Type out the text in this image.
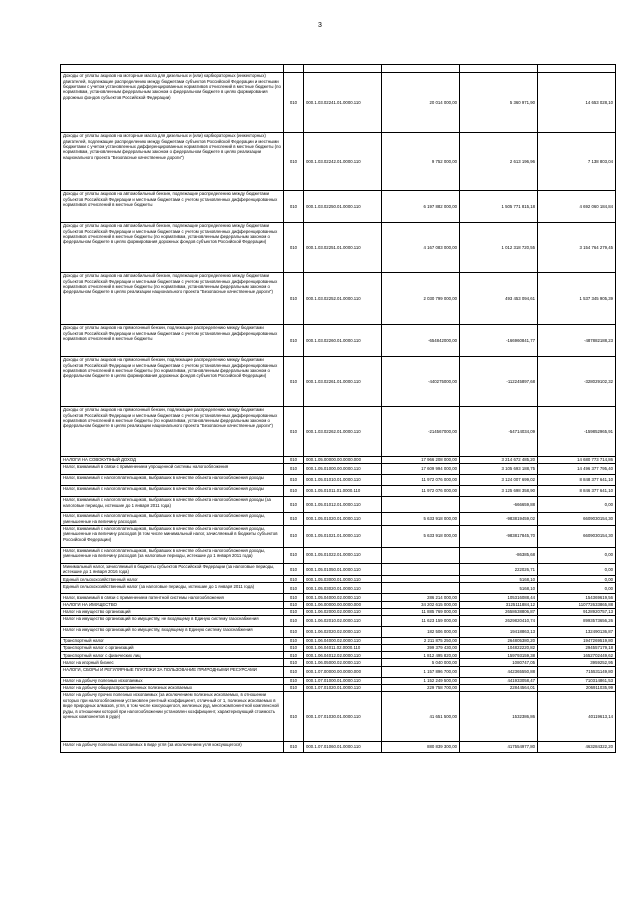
3

Доходы от уплаты акцизов на моторные масла для дизельных и (или) карбюраторных (инжекторных) двигателей, подлежащие распределению между бюджетами субъектов Российской Федерации и местными бюджетами с учетом установленных дифференцированных нормативов отчислений в местные бюджеты (по нормативам, установленным федеральным законом о федеральном бюджете в целях формирования дорожных фондов субъектов Российской Федерации)	010	000.1.03.02241.01.0000.110	20 014 000,00	5 360 971,90	14 653 028,10
Доходы от уплаты акцизов на моторные масла для дизельных и (или) карбюраторных (инжекторных) двигателей, подлежащие распределению между бюджетами субъектов Российской Федерации и местными бюджетами с учетом установленных дифференцированных нормативов отчислений в местные бюджеты (по нормативам, установленным федеральным законом о федеральном бюджете в целях реализации национального проекта "Безопасные качественные дороги")	010	000.1.03.02242.01.0000.110	9 752 000,00	2 613 196,96	7 138 803,04
Доходы от уплаты акцизов на автомобильный бензин, подлежащие распределению между бюджетами субъектов Российской Федерации и местными бюджетами с учетом установленных дифференцированных нормативов отчислений в местные бюджеты	010	000.1.03.02250.01.0000.110	6 197 882 000,00	1 505 771 815,18	4 692 060 184,84
Доходы от уплаты акцизов на автомобильный бензин, подлежащие распределению между бюджетами субъектов Российской Федерации и местными бюджетами с учетом установленных дифференцированных нормативов отчислений в местные бюджеты (по нормативам, установленным федеральным законом о федеральном бюджете в целях формирования дорожных фондов субъектов Российской Федерации)	010	000.1.03.02251.01.0000.110	4 167 083 000,00	1 012 318 720,55	3 154 764 279,45
Доходы от уплаты акцизов на автомобильный бензин, подлежащие распределению между бюджетами субъектов Российской Федерации и местными бюджетами с учетом установленных дифференцированных нормативов отчислений в местные бюджеты (по нормативам, установленным федеральным законом о федеральном бюджете в целях реализации национального проекта "Безопасные качественные дороги")	010	000.1.03.02252.01.0000.110	2 030 799 000,00	493 453 094,61	1 537 345 905,39
Доходы от уплаты акцизов на прямогонный бензин, подлежащие распределению между бюджетами субъектов Российской Федерации и местными бюджетами с учетом установленных дифференцированных нормативов отчислений в местные бюджеты	010	000.1.03.02260.01.0000.110	-654842000,00	-166960841,77	-487882188,23
Доходы от уплаты акцизов на прямогонный бензин, подлежащие распределению между бюджетами субъектов Российской Федерации и местными бюджетами с учетом установленных дифференцированных нормативов отчислений в местные бюджеты (по нормативам, установленным федеральным законом о федеральном бюджете в целях формирования дорожных фондов субъектов Российской Федерации)	010	000.1.03.02261.01.0000.110	-440275000,00	-112245897,68	-328029102,32
Доходы от уплаты акцизов на прямогонный бензин, подлежащие распределению между бюджетами субъектов Российской Федерации и местными бюджетами с учетом установленных дифференцированных нормативов отчислений в местные бюджеты (по нормативам, установленным федеральным законом о федеральном бюджете в целях реализации национального проекта "Безопасные качественные дороги")	010	000.1.03.02262.01.0000.110	-214567000,00	-54714034,09	-159852965,91
НАЛОГИ НА СОВОКУПНЫЙ ДОХОД	010	000.1.05.00000.00.0000.000	17 966 208 000,00	3 214 672 485,20	14 680 773 714,86
Налог, взимаемый в связи с применением упрощенной системы налогообложения	010	000.1.05.01000.00.0000.110	17 609 994 000,00	3 105 693 188,75	14 496 377 795,40
Налог, взимаемый с налогоплательщиков, выбравших в качестве объекта налогообложения доходы	010	000.1.05.01010.01.0000.110	11 972 076 000,00	3 124 007 699,02	8 848 377 641,10
Налог, взимаемый с налогоплательщиков, выбравших в качестве объекта налогообложения доходы	010	000.1.05.01011.01.0000.110	11 972 076 000,00	3 125 698 358,90	8 846 377 641,10
Налог, взимаемый с налогоплательщиков, выбравших в качестве объекта налогообложения доходы (за налоговые периоды, истекшие до 1 января 2011 года)	010	000.1.05.01012.01.0000.110		-666659,88	0,00
Налог, взимаемый с налогоплательщиков, выбравших в качестве объекта налогообложения доходы, уменьшенные на величину расходов	010	000.1.05.01020.01.0000.110	5 633 918 000,00	-983819459,02	6609030154,30
Налог, взимаемый с налогоплательщиков, выбравших в качестве объекта налогообложения доходы, уменьшенные на величину расходов (в том числе минимальный налог, зачисляемый в бюджеты субъектов Российской Федерации)	010	000.1.05.01021.01.0000.110	5 633 918 000,00	-983817845,70	6609030154,30
Налог, взимаемый с налогоплательщиков, выбравших в качестве объекта налогообложения доходы, уменьшенные на величину расходов (за налоговые периоды, истекшие до 1 января 2011 года)	010	000.1.05.01022.01.0000.110		-86385,68	0,00
Минимальный налог, зачисляемый в бюджеты субъектов Российской Федерации (за налоговые периоды, истекшие до 1 января 2016 года)	010	000.1.05.01050.01.0000.110		222026,71	0,00
Единый сельскохозяйственный налог	010	000.1.05.03000.01.0000.110		5168,10	0,00
Единый сельскохозяйственный налог (за налоговые периоды, истекшие до 1 января 2011 года)	010	000.1.05.03020.01.0000.110		5168,10	0,00
Налог, взимаемый в связи с применением патентной системы налогообложения	010	000.1.05.04000.02.0000.110	286 214 000,00	105316088,44	154369619,56
НАЛОГИ НА ИМУЩЕСТВО	010	000.1.06.00000.00.0000.000	34 202 615 000,00	3125111884,12	110772633865,88
Налог на имущество организаций	010	000.1.06.02000.02.0000.110	11 885 769 000,00	2658638806,87	9128920757,13
Налог на имущество организаций по имуществу, не входящему в Единую систему газоснабжения	010	000.1.06.02010.02.0000.110	11 623 159 000,00	2629820410,74	8993573656,26
Налог на имущество организаций по имуществу, входящему в Единую систему газоснабжения	010	000.1.06.02020.02.0000.110	182 506 000,00	19418863,13	132490136,87
Транспортный налог	010	000.1.06.04000.02.0000.110	2 211 875 250,00	264805380,20	1947269519,80
Транспортный налог с организаций	010	000.1.06.04011.02.0000.110	399 379 430,00	104822220,82	294557179,18
Транспортный налог с физических лиц	010	000.1.06.04012.02.0000.110	1 812 495 820,00	159793159,38	1652702449,62
Налог на игорный бизнес	010	000.1.06.05000.02.0000.110	5 040 000,00	1080747,05	3959252,95
НАЛОГИ, СБОРЫ И РЕГУЛЯРНЫЕ ПЛАТЕЖИ ЗА ПОЛЬЗОВАНИЕ ПРИРОДНЫМИ РЕСУРСАМИ	010	000.1.07.00000.00.0000.000	1 157 896 700,00	442365550,88	715531149,80
Налог на добычу полезных ископаемых	010	000.1.07.01000.01.0000.110	1 152 249 500,00	441933058,47	710314861,53
Налог на добычу общераспространенных полезных ископаемых	010	000.1.07.01020.01.0000.110	229 758 700,00	22844564,01	206911035,99
Налог на добычу прочих полезных ископаемых (за исключением полезных ископаемых, в отношении которых при налогообложении установлен рентный коэффициент, отличный от 1, полезных ископаемых в виде природных алмазов, угля, в том числе коксующегося, железных руд, многокомпонентной комплексной руды, в отношении которой при налогообложении установлен коэффициент, характеризующий стоимость ценных компонентов в руде)	010	000.1.07.01030.01.0000.110	41 651 500,00	1532386,86	40119613,14
Налог на добычу полезных ископаемых в виде угля (за исключением угля коксующегося)	010	000.1.07.01060.01.0000.110	880 839 300,00	417554977,80	463284322,20
